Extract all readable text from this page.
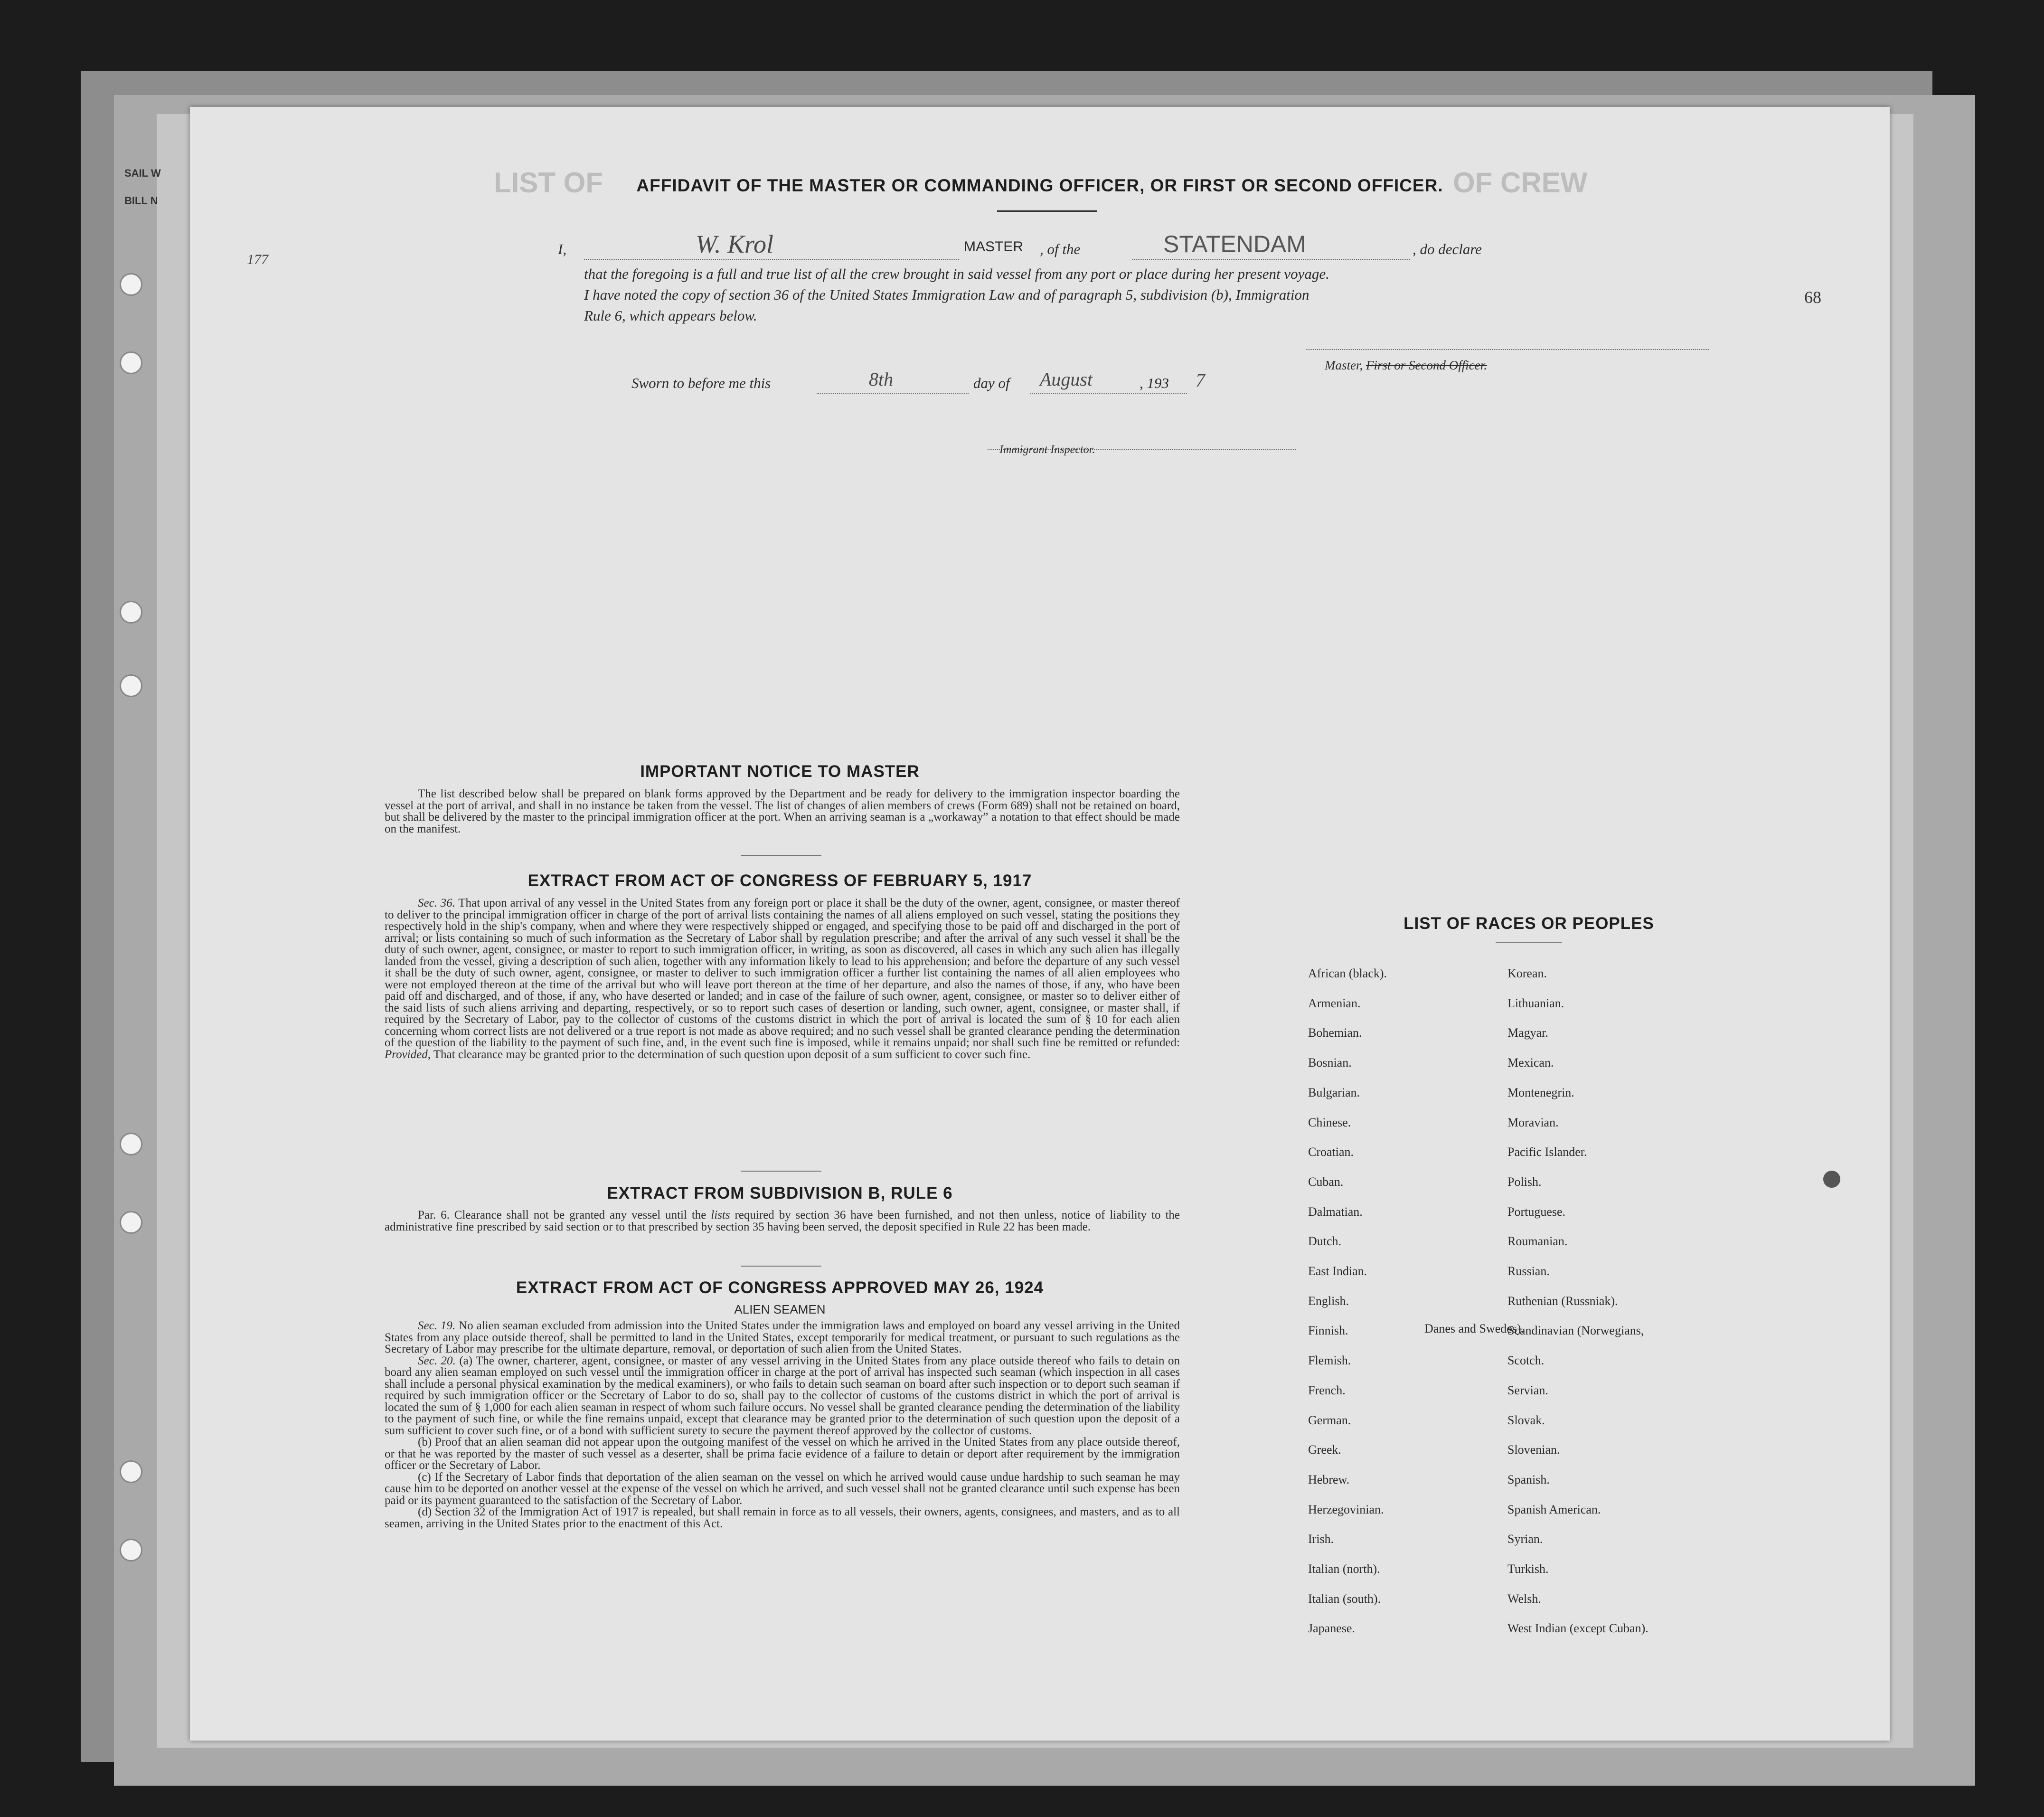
SAIL W
BILL N
LIST OF	OF CREW
68
177
AFFIDAVIT OF THE MASTER OR COMMANDING OFFICER, OR FIRST OR SECOND OFFICER.
I,	W. Krol	MASTER , of the	STATENDAM	, do declare
that the foregoing is a full and true list of all the crew brought in said vessel from any port or place during her present voyage.
I have noted the copy of section 36 of the United States Immigration Law and of paragraph 5, subdivision (b), Immigration
Rule 6, which appears below.
Master, First or Second Officer.
Sworn to before me this	8th	day of August	, 193 7
Immigrant Inspector.
IMPORTANT NOTICE TO MASTER

The list described below shall be prepared on blank forms approved by the Department and be ready for delivery to the immigration inspector boarding the vessel at the port of arrival, and shall in no instance be taken from the vessel. The list of changes of alien members of crews (Form 689) shall not be retained on board, but shall be delivered by the master to the principal immigration officer at the port. When an arriving seaman is a „workaway” a notation to that effect should be made on the manifest.

EXTRACT FROM ACT OF CONGRESS OF FEBRUARY 5, 1917

Sec. 36. That upon arrival of any vessel in the United States from any foreign port or place it shall be the duty of the owner, agent, consignee, or master thereof to deliver to the principal immigration officer in charge of the port of arrival lists containing the names of all aliens employed on such vessel, stating the positions they respectively hold in the ship's company, when and where they were respectively shipped or engaged, and specifying those to be paid off and discharged in the port of arrival; or lists containing so much of such information as the Secretary of Labor shall by regulation prescribe; and after the arrival of any such vessel it shall be the duty of such owner, agent, consignee, or master to report to such immigration officer, in writing, as soon as discovered, all cases in which any such alien has illegally landed from the vessel, giving a description of such alien, together with any information likely to lead to his apprehension; and before the departure of any such vessel it shall be the duty of such owner, agent, consignee, or master to deliver to such immigration officer a further list containing the names of all alien employees who were not employed thereon at the time of the arrival but who will leave port thereon at the time of her departure, and also the names of those, if any, who have been paid off and discharged, and of those, if any, who have deserted or landed; and in case of the failure of such owner, agent, consignee, or master so to deliver either of the said lists of such aliens arriving and departing, respectively, or so to report such cases of desertion or landing, such owner, agent, consignee, or master shall, if required by the Secretary of Labor, pay to the collector of customs of the customs district in which the port of arrival is located the sum of § 10 for each alien concerning whom correct lists are not delivered or a true report is not made as above required; and no such vessel shall be granted clearance pending the determination of the question of the liability to the payment of such fine, and, in the event such fine is imposed, while it remains unpaid; nor shall such fine be remitted or refunded: Provided, That clearance may be granted prior to the determination of such question upon deposit of a sum sufficient to cover such fine.

EXTRACT FROM SUBDIVISION B, RULE 6

Par. 6. Clearance shall not be granted any vessel until the lists required by section 36 have been furnished, and not then unless, notice of liability to the administrative fine prescribed by said section or to that prescribed by section 35 having been served, the deposit specified in Rule 22 has been made.

EXTRACT FROM ACT OF CONGRESS APPROVED MAY 26, 1924
ALIEN SEAMEN

Sec. 19. No alien seaman excluded from admission into the United States under the immigration laws and employed on board any vessel arriving in the United States from any place outside thereof, shall be permitted to land in the United States, except temporarily for medical treatment, or pursuant to such regulations as the Secretary of Labor may prescribe for the ultimate departure, removal, or deportation of such alien from the United States.

Sec. 20. (a) The owner, charterer, agent, consignee, or master of any vessel arriving in the United States from any place outside thereof who fails to detain on board any alien seaman employed on such vessel until the immigration officer in charge at the port of arrival has inspected such seaman (which inspection in all cases shall include a personal physical examination by the medical examiners), or who fails to detain such seaman on board after such inspection or to deport such seaman if required by such immigration officer or the Secretary of Labor to do so, shall pay to the collector of customs of the customs district in which the port of arrival is located the sum of § 1,000 for each alien seaman in respect of whom such failure occurs. No vessel shall be granted clearance pending the determination of the liability to the payment of such fine, or while the fine remains unpaid, except that clearance may be granted prior to the determination of such question upon the deposit of a sum sufficient to cover such fine, or of a bond with sufficient surety to secure the payment thereof approved by the collector of customs.

(b) Proof that an alien seaman did not appear upon the outgoing manifest of the vessel on which he arrived in the United States from any place outside thereof, or that he was reported by the master of such vessel as a deserter, shall be prima facie evidence of a failure to detain or deport after requirement by the immigration officer or the Secretary of Labor.

(c) If the Secretary of Labor finds that deportation of the alien seaman on the vessel on which he arrived would cause undue hardship to such seaman he may cause him to be deported on another vessel at the expense of the vessel on which he arrived, and such vessel shall not be granted clearance until such expense has been paid or its payment guaranteed to the satisfaction of the Secretary of Labor.

(d) Section 32 of the Immigration Act of 1917 is repealed, but shall remain in force as to all vessels, their owners, agents, consignees, and masters, and as to all seamen, arriving in the United States prior to the enactment of this Act.

LIST OF RACES OR PEOPLES
African (black).
Armenian.
Bohemian.
Bosnian.
Bulgarian.
Chinese.
Croatian.
Cuban.
Dalmatian.
Dutch.
East Indian.
English.
Finnish.
Flemish.
French.
German.
Greek.
Hebrew.
Herzegovinian.
Irish.
Italian (north).
Italian (south).
Japanese.
Korean.
Lithuanian.
Magyar.
Mexican.
Montenegrin.
Moravian.
Pacific Islander.
Polish.
Portuguese.
Roumanian.
Russian.
Ruthenian (Russniak).
Scandinavian (Norwegians,
Scotch.
Servian.
Slovak.
Slovenian.
Spanish.
Spanish American.
Syrian.
Turkish.
Welsh.
West Indian (except Cuban).
Danes and Swedes).
